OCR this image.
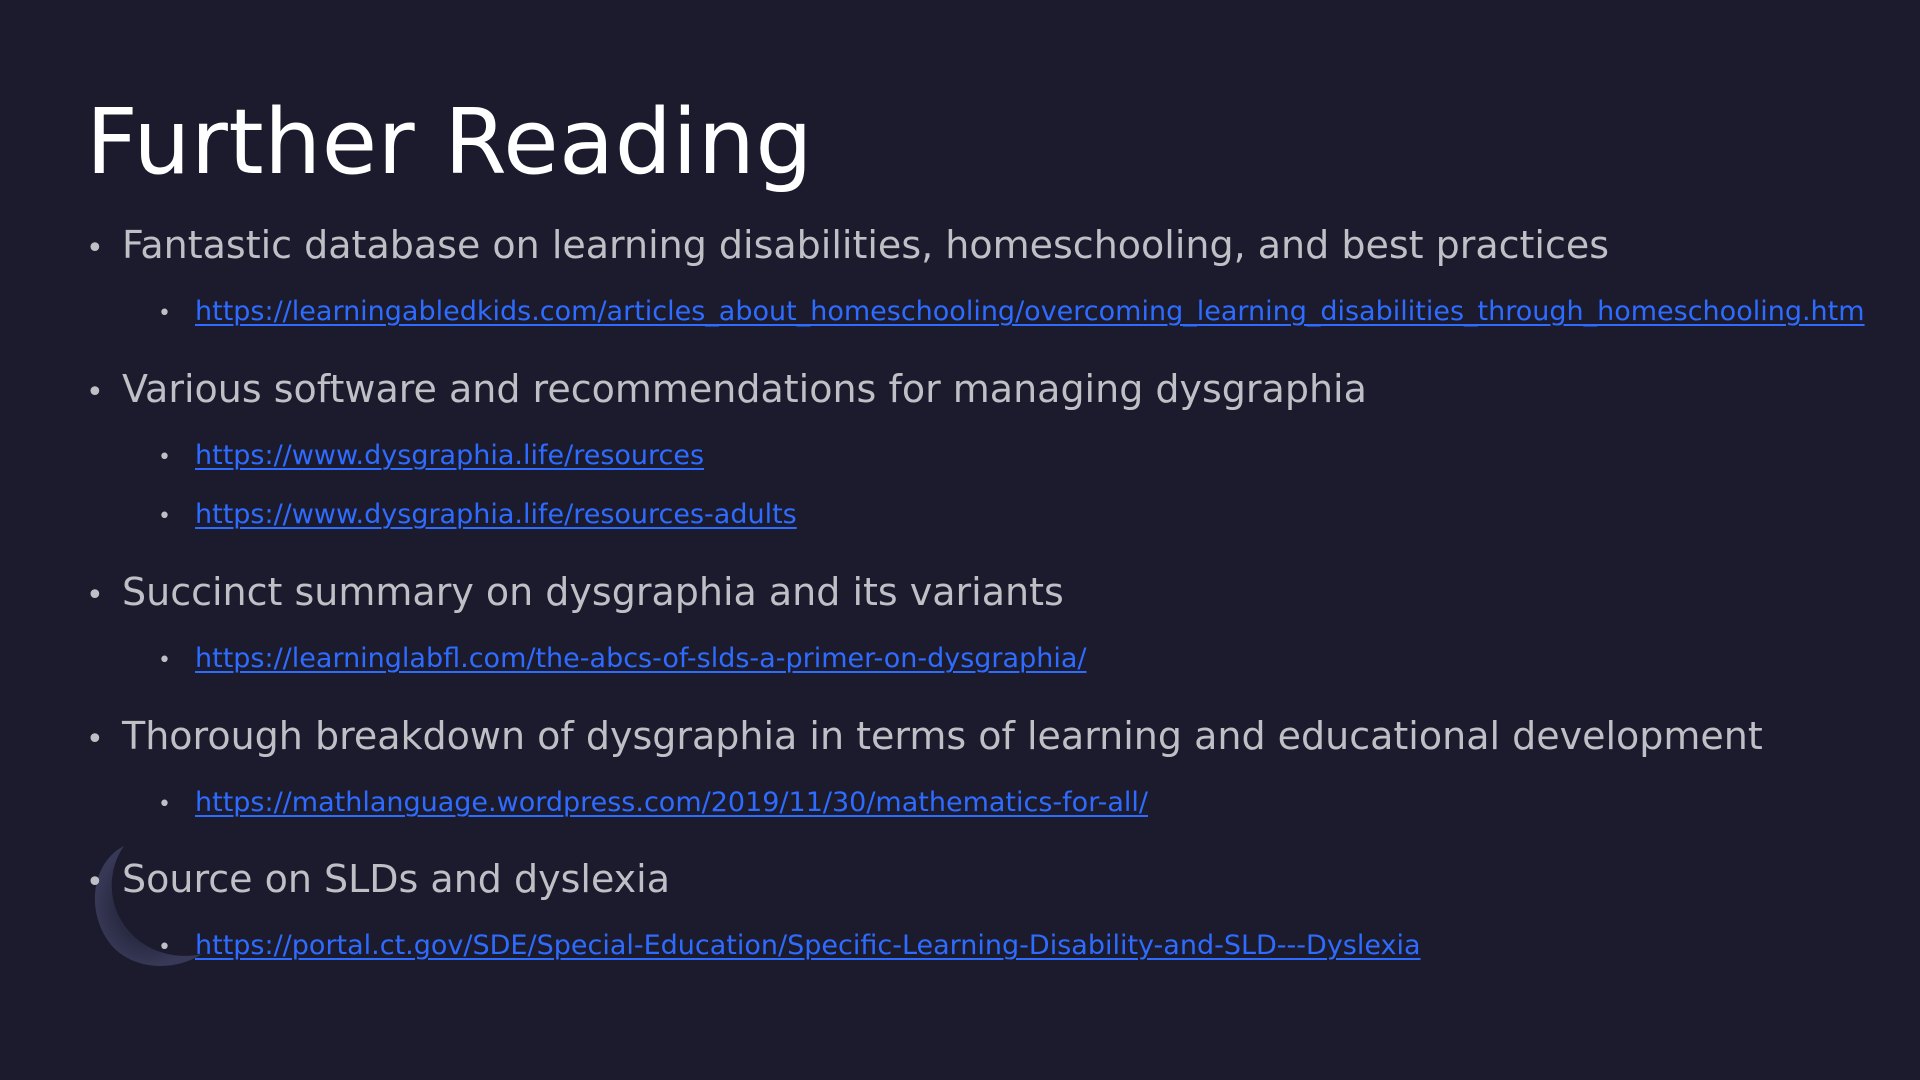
Further Reading
• Fantastic database on learning disabilities, homeschooling, and best practices
• https://learningabledkids.com/articles_about_homeschooling/overcoming_learning_disabilities_through_homeschooling.htm
• Various software and recommendations for managing dysgraphia
• https://www.dysgraphia.life/resources
• https://www.dysgraphia.life/resources-adults
• Succinct summary on dysgraphia and its variants
• https://learninglabfl.com/the-abcs-of-slds-a-primer-on-dysgraphia/
• Thorough breakdown of dysgraphia in terms of learning and educational development
• https://mathlanguage.wordpress.com/2019/11/30/mathematics-for-all/
• Source on SLDs and dyslexia
• https://portal.ct.gov/SDE/Special-Education/Specific-Learning-Disability-and-SLD---Dyslexia
